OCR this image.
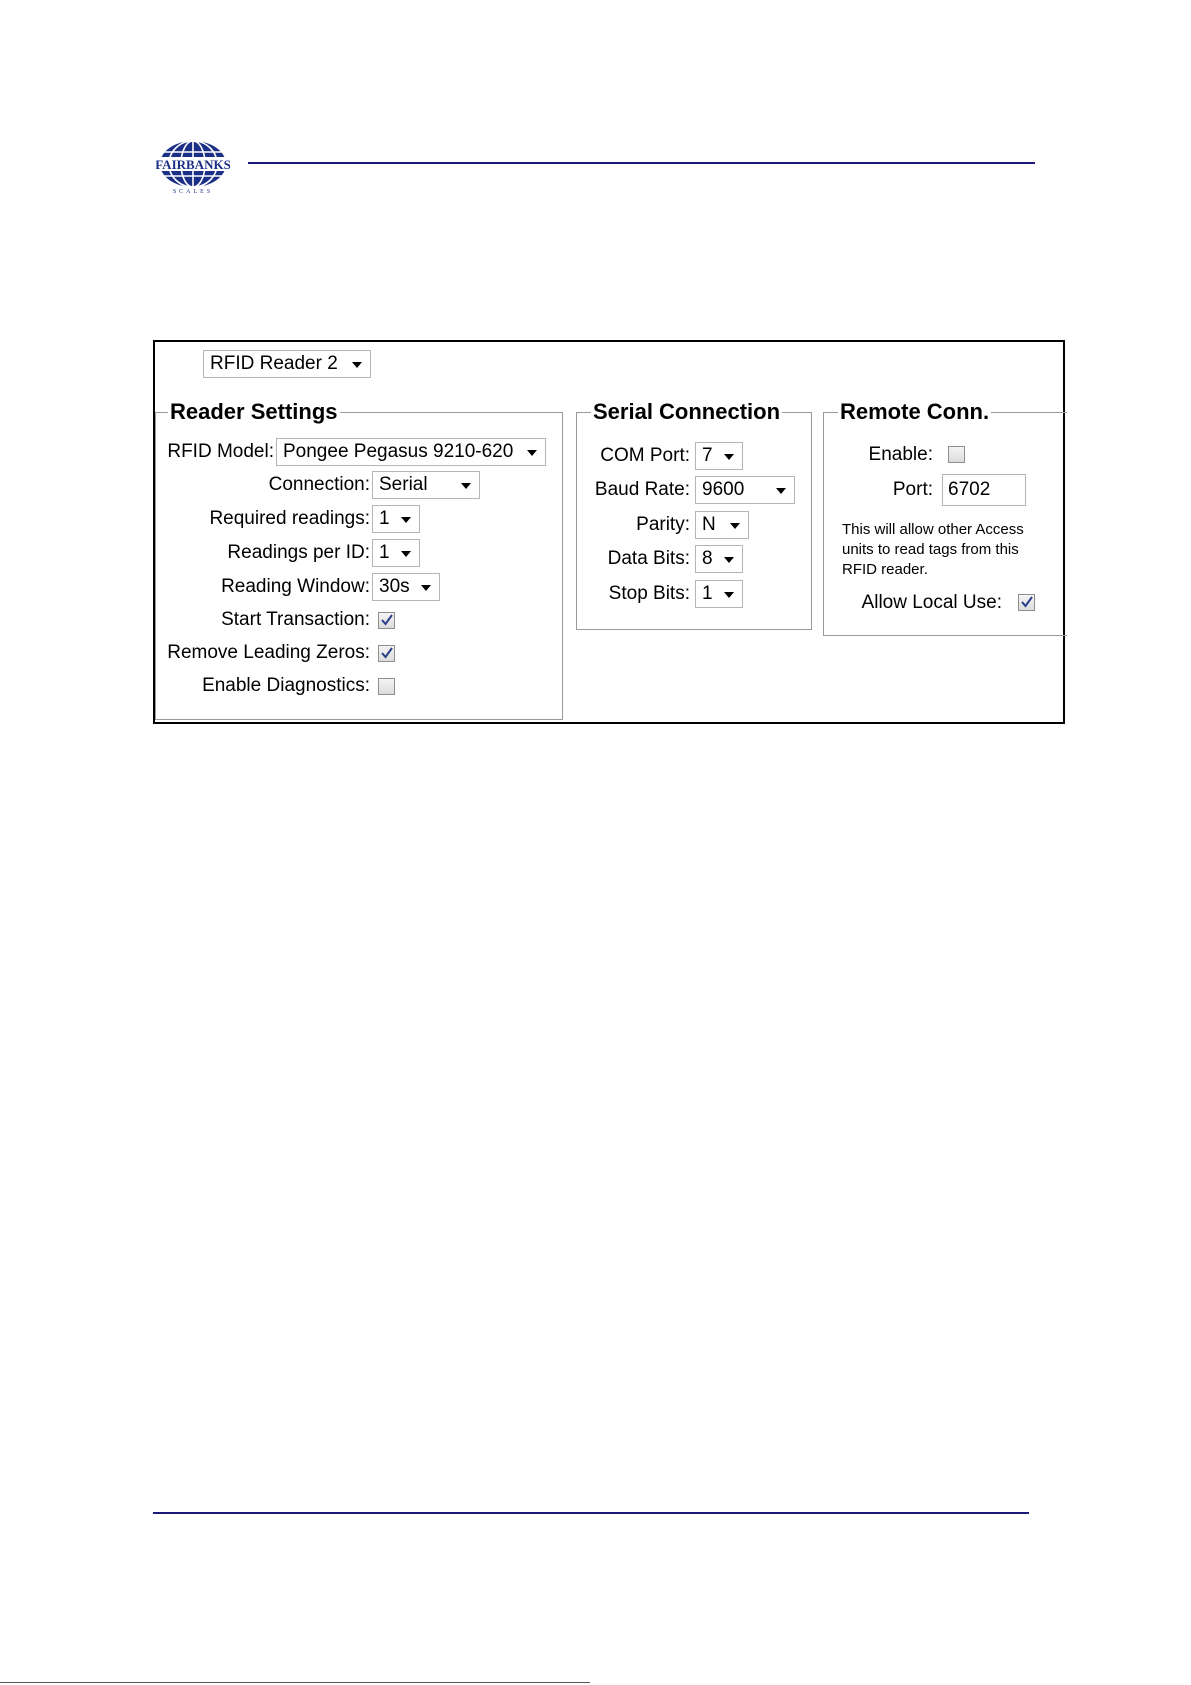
FAIRBANKS
SCALES
RFID Reader 2
Reader Settings
RFID Model: Pongee Pegasus 9210-620
Connection: Serial
Required readings: 1
Readings per ID: 1
Reading Window: 30s
Start Transaction:
Remove Leading Zeros:
Enable Diagnostics:
Serial Connection
COM Port: 7
Baud Rate: 9600
Parity: N
Data Bits: 8
Stop Bits: 1
Remote Conn.
Enable:
Port: 6702
This will allow other Access
units to read tags from this
RFID reader.
Allow Local Use:
